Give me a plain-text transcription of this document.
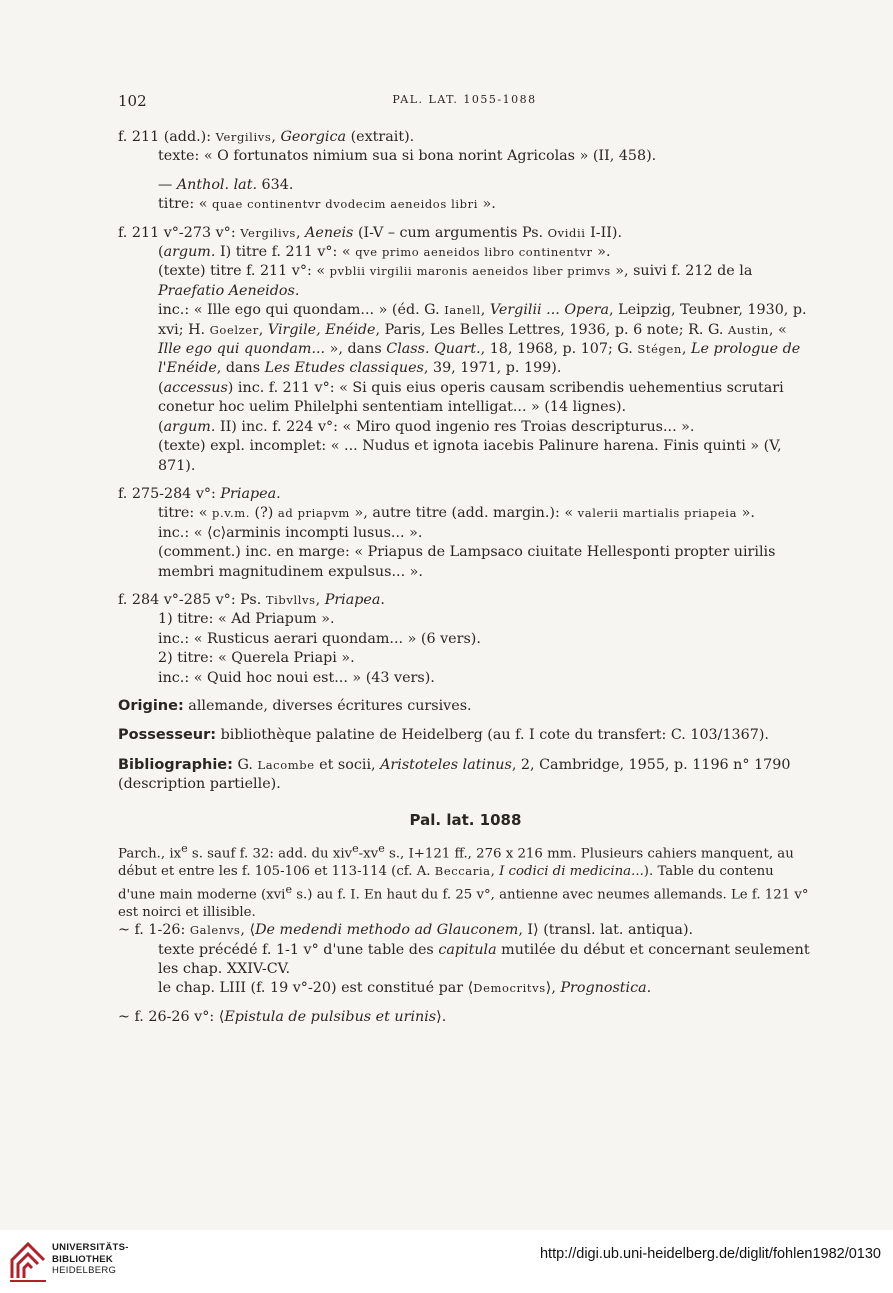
102	PAL. LAT. 1055-1088

f. 211 (add.): Vergilivs, Georgica (extrait).

texte: « O fortunatos nimium sua si bona norint Agricolas » (II, 458).

— Anthol. lat. 634.

titre: « quae continentvr dvodecim aeneidos libri ».

f. 211 v°-273 v°: Vergilivs, Aeneis (I-V – cum argumentis Ps. Ovidii I-II).

(argum. I) titre f. 211 v°: « qve primo aeneidos libro continentvr ».

(texte) titre f. 211 v°: « pvblii virgilii maronis aeneidos liber primvs », suivi f. 212 de la Praefatio Aeneidos.

inc.: « Ille ego qui quondam... » (éd. G. Ianell, Vergilii ... Opera, Leipzig, Teubner, 1930, p. xvi; H. Goelzer, Virgile, Enéide, Paris, Les Belles Lettres, 1936, p. 6 note; R. G. Austin, « Ille ego qui quondam... », dans Class. Quart., 18, 1968, p. 107; G. Stégen, Le prologue de l'Enéide, dans Les Etudes classiques, 39, 1971, p. 199).

(accessus) inc. f. 211 v°: « Si quis eius operis causam scribendis uehementius scrutari conetur hoc uelim Philelphi sententiam intelligat... » (14 lignes).

(argum. II) inc. f. 224 v°: « Miro quod ingenio res Troias descripturus... ».

(texte) expl. incomplet: « ... Nudus et ignota iacebis Palinure harena. Finis quinti » (V, 871).

f. 275-284 v°: Priapea.

titre: « p.v.m. (?) ad priapvm », autre titre (add. margin.): « valerii martialis priapeia ».

inc.: « ⟨c⟩arminis incompti lusus... ».

(comment.) inc. en marge: « Priapus de Lampsaco ciuitate Hellesponti propter uirilis membri magnitudinem expulsus... ».

f. 284 v°-285 v°: Ps. Tibvllvs, Priapea.

1) titre: « Ad Priapum ».

inc.: « Rusticus aerari quondam... » (6 vers).

2) titre: « Querela Priapi ».

inc.: « Quid hoc noui est... » (43 vers).

Origine: allemande, diverses écritures cursives.

Possesseur: bibliothèque palatine de Heidelberg (au f. I cote du transfert: C. 103/1367).

Bibliographie: G. Lacombe et socii, Aristoteles latinus, 2, Cambridge, 1955, p. 1196 n° 1790 (description partielle).

Pal. lat. 1088

Parch., $ix^e$ s. sauf f. 32: add. du $xiv^e-xv^e$ s., I+121 ff., 276 x 216 mm. Plusieurs cahiers manquent, au début et entre les f. 105-106 et 113-114 (cf. A. Beccaria, I codici di medicina...). Table du contenu d'une main moderne (xvi$^e$ s.) au f. I. En haut du f. 25 v°, antienne avec neumes allemands. Le f. 121 v° est noirci et illisible.

~ f. 1-26: Galenvs, ⟨De medendi methodo ad Glauconem, I⟩ (transl. lat. antiqua).

texte précédé f. 1-1 v° d'une table des capitula mutilée du début et concernant seulement les chap. XXIV-CV.

le chap. LIII (f. 19 v°-20) est constitué par ⟨Democritvs⟩, Prognostica.

~ f. 26-26 v°: ⟨Epistula de pulsibus et urinis⟩.

UNIVERSITÄTS-
BIBLIOTHEK
HEIDELBERG
http://digi.ub.uni-heidelberg.de/diglit/fohlen1982/0130
